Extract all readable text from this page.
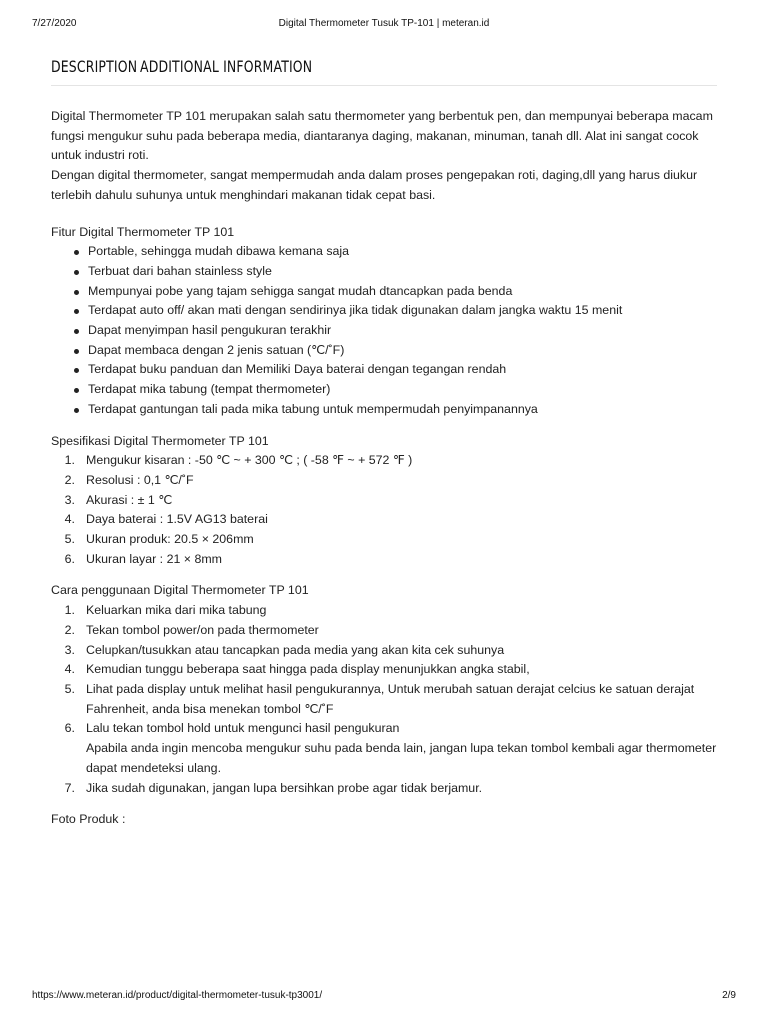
7/27/2020	Digital Thermometer Tusuk TP-101 | meteran.id
DESCRIPTION ADDITIONAL INFORMATION

Digital Thermometer TP 101 merupakan salah satu thermometer yang berbentuk pen, dan mempunyai beberapa macam fungsi mengukur suhu pada beberapa media, diantaranya daging, makanan, minuman, tanah dll. Alat ini sangat cocok untuk industri roti.

Dengan digital thermometer, sangat mempermudah anda dalam proses pengepakan roti, daging,dll yang harus diukur terlebih dahulu suhunya untuk menghindari makanan tidak cepat basi.

Fitur Digital Thermometer TP 101

Portable, sehingga mudah dibawa kemana saja
Terbuat dari bahan stainless style
Mempunyai pobe yang tajam sehigga sangat mudah dtancapkan pada benda
Terdapat auto off/ akan mati dengan sendirinya jika tidak digunakan dalam jangka waktu 15 menit
Dapat menyimpan hasil pengukuran terakhir
Dapat membaca dengan 2 jenis satuan (℃/˚F)
Terdapat buku panduan dan Memiliki Daya baterai dengan tegangan rendah
Terdapat mika tabung (tempat thermometer)
Terdapat gantungan tali pada mika tabung untuk mempermudah penyimpanannya

Spesifikasi Digital Thermometer TP 101

1. Mengukur kisaran : -50 ℃ ~ + 300 ℃ ; ( -58 ℉ ~ + 572 ℉ )
2. Resolusi : 0,1 ℃/˚F
3. Akurasi : ± 1 ℃
4. Daya baterai : 1.5V AG13 baterai
5. Ukuran produk: 20.5 × 206mm
6. Ukuran layar : 21 × 8mm

Cara penggunaan Digital Thermometer TP 101

1. Keluarkan mika dari mika tabung
2. Tekan tombol power/on pada thermometer
3. Celupkan/tusukkan atau tancapkan pada media yang akan kita cek suhunya
4. Kemudian tunggu beberapa saat hingga pada display menunjukkan angka stabil,
5. Lihat pada display untuk melihat hasil pengukurannya, Untuk merubah satuan derajat celcius ke satuan derajat Fahrenheit, anda bisa menekan tombol ℃/˚F
6. Lalu tekan tombol hold untuk mengunci hasil pengukuran
Apabila anda ingin mencoba mengukur suhu pada benda lain, jangan lupa tekan tombol kembali agar thermometer dapat mendeteksi ulang.
7. Jika sudah digunakan, jangan lupa bersihkan probe agar tidak berjamur.

Foto Produk :

https://www.meteran.id/product/digital-thermometer-tusuk-tp3001/	2/9
